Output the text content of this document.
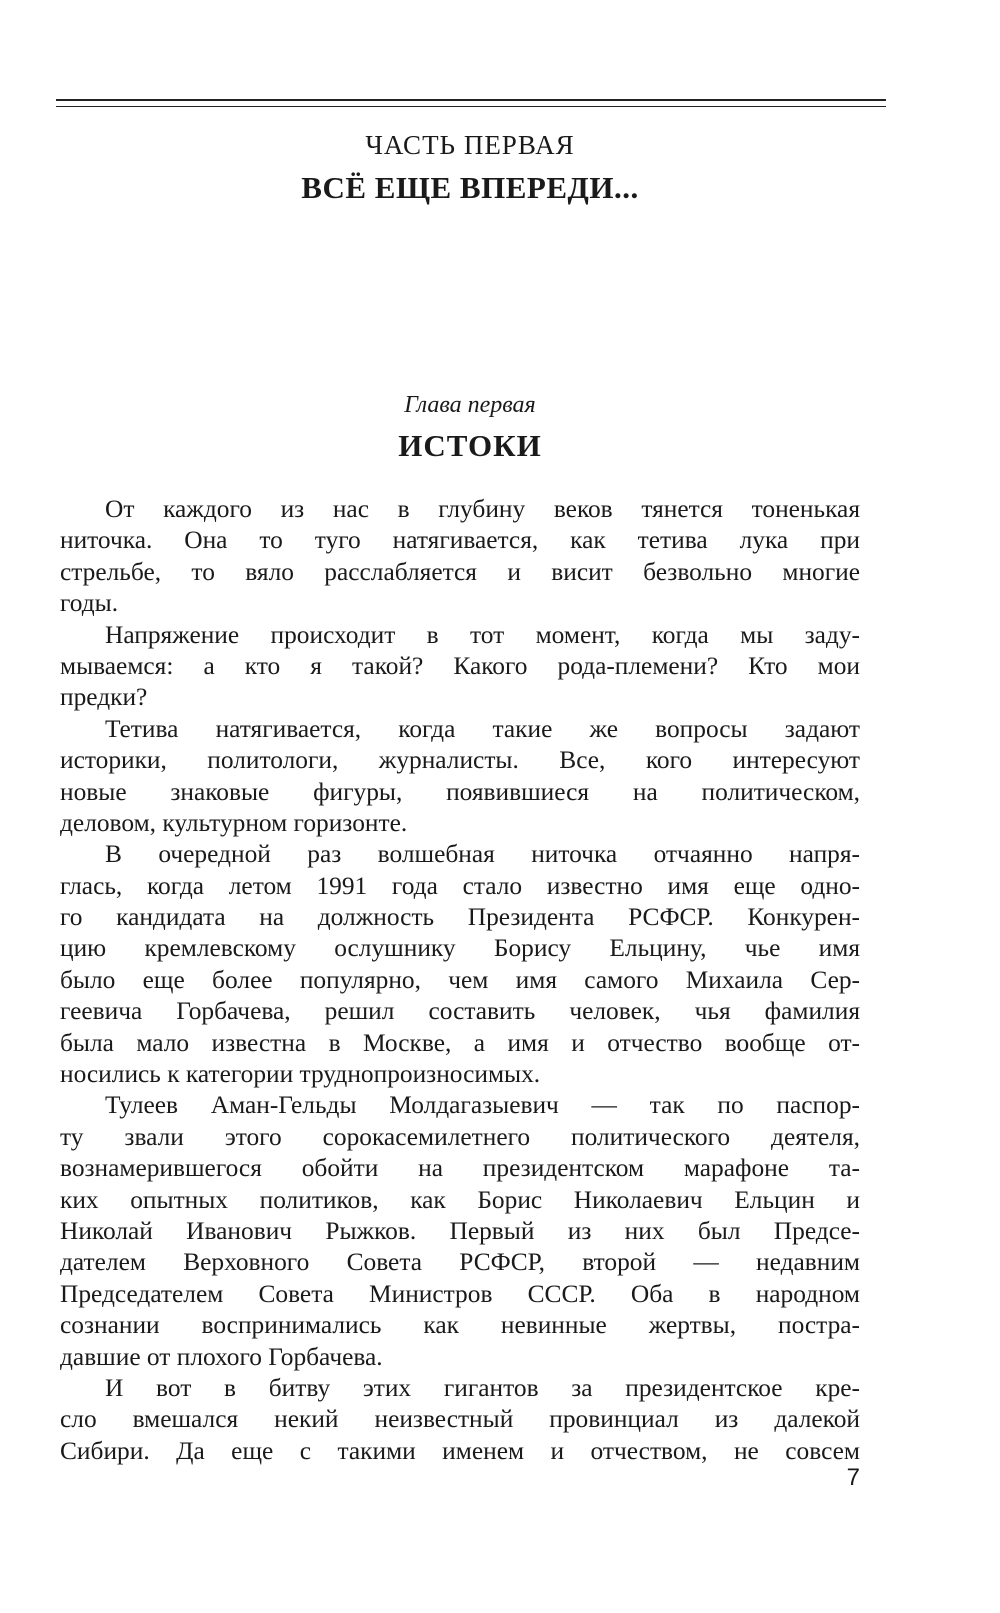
ЧАСТЬ ПЕРВАЯ
ВСЁ ЕЩЕ ВПЕРЕДИ...
Глава первая
ИСТОКИ
От каждого из нас в глубину веков тянется тоненькая
ниточка. Она то туго натягивается, как тетива лука при
стрельбе, то вяло расслабляется и висит безвольно многие
годы.
Напряжение происходит в тот момент, когда мы заду-
мываемся: а кто я такой? Какого рода-племени? Кто мои
предки?
Тетива натягивается, когда такие же вопросы задают
историки, политологи, журналисты. Все, кого интересуют
новые знаковые фигуры, появившиеся на политическом,
деловом, культурном горизонте.
В очередной раз волшебная ниточка отчаянно напря-
глась, когда летом 1991 года стало известно имя еще одно-
го кандидата на должность Президента РСФСР. Конкурен-
цию кремлевскому ослушнику Борису Ельцину, чье имя
было еще более популярно, чем имя самого Михаила Сер-
геевича Горбачева, решил составить человек, чья фамилия
была мало известна в Москве, а имя и отчество вообще от-
носились к категории труднопроизносимых.
Тулеев Аман-Гельды Молдагазыевич — так по паспор-
ту звали этого сорокасемилетнего политического деятеля,
вознамерившегося обойти на президентском марафоне та-
ких опытных политиков, как Борис Николаевич Ельцин и
Николай Иванович Рыжков. Первый из них был Предсе-
дателем Верховного Совета РСФСР, второй — недавним
Председателем Совета Министров СССР. Оба в народном
сознании воспринимались как невинные жертвы, постра-
давшие от плохого Горбачева.
И вот в битву этих гигантов за президентское кре-
сло вмешался некий неизвестный провинциал из далекой
Сибири. Да еще с такими именем и отчеством, не совсем
7
